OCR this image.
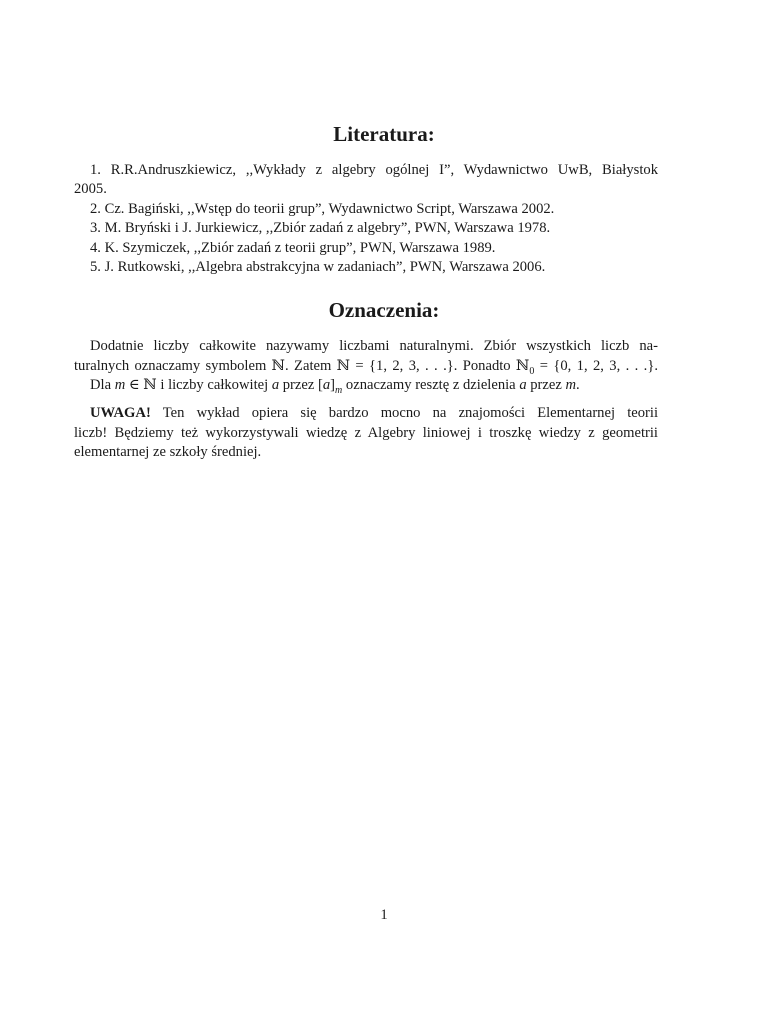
Literatura:

1. R.R.Andruszkiewicz, ,,Wykłady z algebry ogólnej I”, Wydawnictwo UwB, Białystok

2005.

2. Cz. Bagiński, ,,Wstęp do teorii grup”, Wydawnictwo Script, Warszawa 2002.

3. M. Bryński i J. Jurkiewicz, ,,Zbiór zadań z algebry”, PWN, Warszawa 1978.

4. K. Szymiczek, ,,Zbiór zadań z teorii grup”, PWN, Warszawa 1989.

5. J. Rutkowski, ,,Algebra abstrakcyjna w zadaniach”, PWN, Warszawa 2006.

Oznaczenia:

Dodatnie liczby całkowite nazywamy liczbami naturalnymi. Zbiór wszystkich liczb na-

turalnych oznaczamy symbolem ℕ. Zatem ℕ = {1, 2, 3, . . .}. Ponadto ℕ$_0$ = {0, 1, 2, 3, . . .}.

Dla m ∈ ℕ i liczby całkowitej a przez $[a]_m$ oznaczamy resztę z dzielenia a przez m.

UWAGA! Ten wykład opiera się bardzo mocno na znajomości Elementarnej teorii

liczb! Będziemy też wykorzystywali wiedzę z Algebry liniowej i troszkę wiedzy z geometrii

elementarnej ze szkoły średniej.

1
